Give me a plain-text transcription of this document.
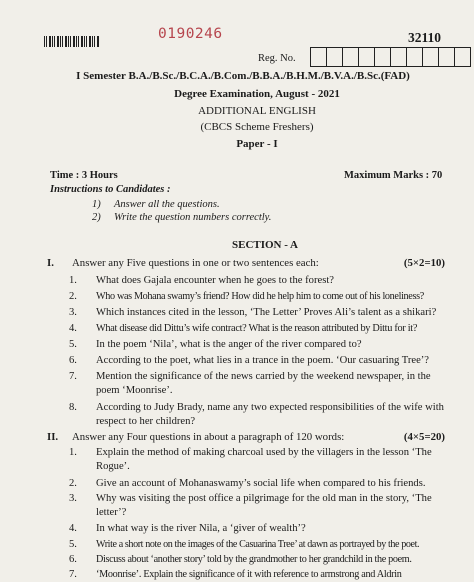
0190246	32110
Reg. No.
I Semester B.A./B.Sc./B.C.A./B.Com./B.B.A./B.H.M./B.V.A./B.Sc.(FAD)
Degree Examination, August - 2021
ADDITIONAL ENGLISH
(CBCS Scheme Freshers)
Paper - I
Time : 3 Hours	Maximum Marks : 70
Instructions to Candidates :
1) Answer all the questions.
2) Write the question numbers correctly.
SECTION - A
I. Answer any Five questions in one or two sentences each:	(5×2=10)
1.	What does Gajala encounter when he goes to the forest?
2.	Who was Mohana swamy’s friend? How did he help him to come out of his loneliness?
3.	Which instances cited in the lesson, ‘The Letter’ Proves Ali’s talent as a shikari?
4.	What disease did Dittu’s wife contract? What is the reason attributed by Dittu for it?
5.	In the poem ‘Nila’, what is the anger of the river compared to?
6.	According to the poet, what lies in a trance in the poem. ‘Our casuaring Tree’?
7.	Mention the significance of the news carried by the weekend newspaper, in the poem ‘Moonrise’.
8.	According to Judy Brady, name any two expected responsibilities of the wife with respect to her children?
II. Answer any Four questions in about a paragraph of 120 words:	(4×5=20)
1.	Explain the method of making charcoal used by the villagers in the lesson ‘The Rogue’.
2.	Give an account of Mohanaswamy’s social life when compared to his friends.
3.	Why was visiting the post office a pilgrimage for the old man in the story, ‘The letter’?
4.	In what way is the river Nila, a ‘giver of wealth’?
5.	Write a short note on the images of the Casuarina Tree’ at dawn as portrayed by the poet.
6.	Discuss about ‘another story’ told by the grandmother to her grandchild in the poem.
7.	‘Moonrise’. Explain the significance of it with reference to armstrong and Aldrin
